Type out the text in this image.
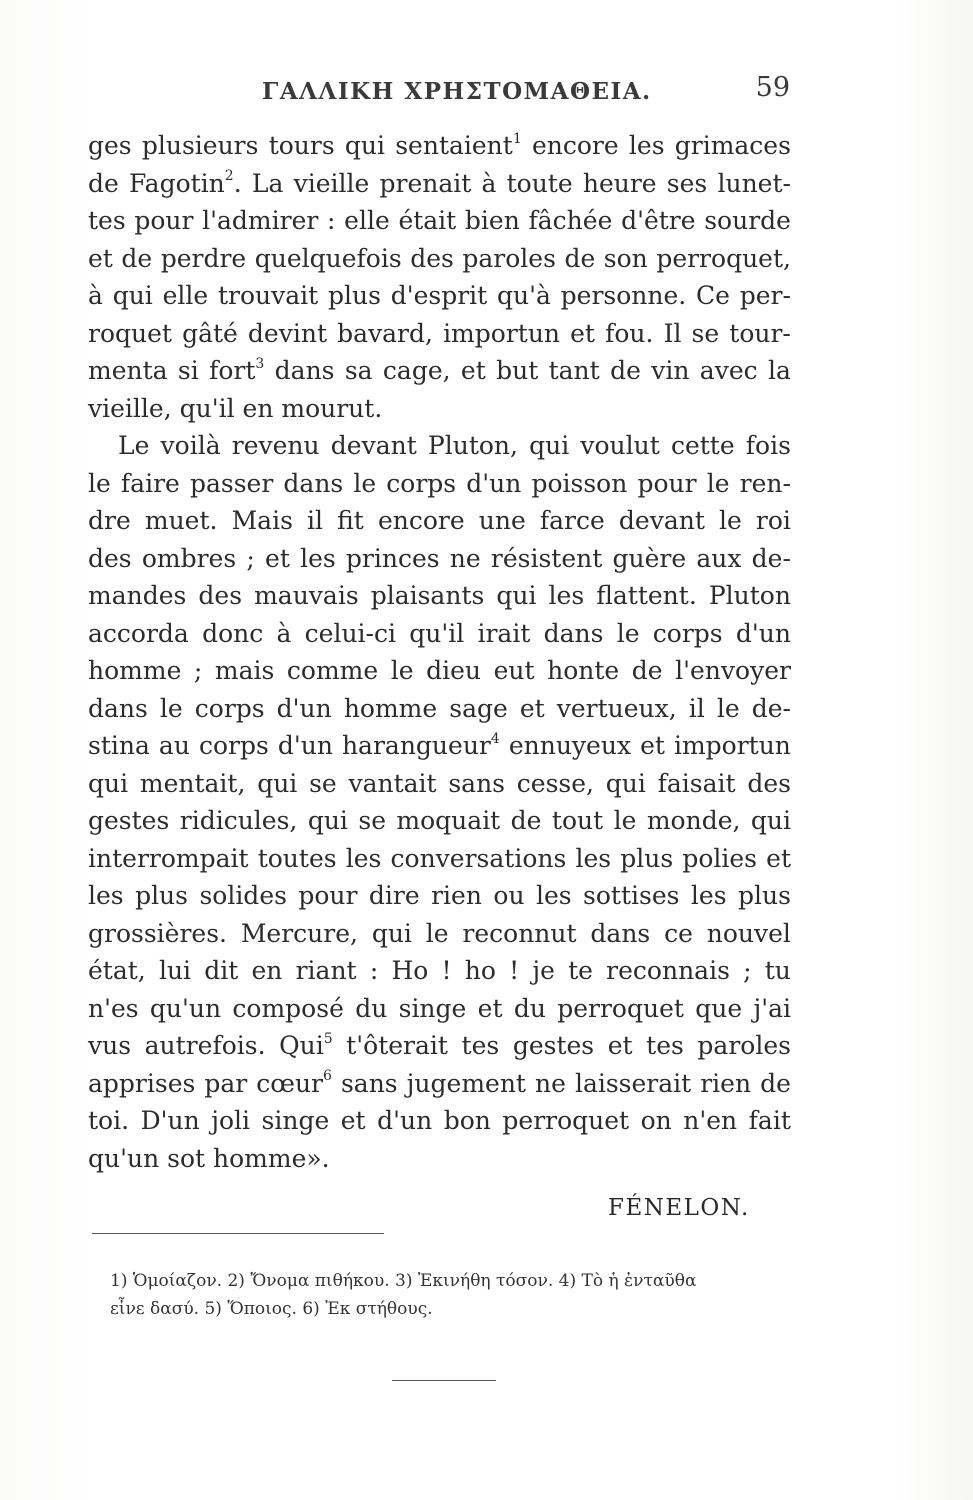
ΓΑΛΛΙΚΗ ΧΡΗΣΤΟΜΑΘΕΙΑ.	59
ges plusieurs tours qui sentaient$^1$ encore les grimaces
de Fagotin$^2$. La vieille prenait à toute heure ses lunet-
tes pour l'admirer : elle était bien fâchée d'être sourde
et de perdre quelquefois des paroles de son perroquet,
à qui elle trouvait plus d'esprit qu'à personne. Ce per-
roquet gâté devint bavard, importun et fou. Il se tour-
menta si fort$^3$ dans sa cage, et but tant de vin avec la
vieille, qu'il en mourut.
Le voilà revenu devant Pluton, qui voulut cette fois
le faire passer dans le corps d'un poisson pour le ren-
dre muet. Mais il fit encore une farce devant le roi
des ombres ; et les princes ne résistent guère aux de-
mandes des mauvais plaisants qui les flattent. Pluton
accorda donc à celui-ci qu'il irait dans le corps d'un
homme ; mais comme le dieu eut honte de l'envoyer
dans le corps d'un homme sage et vertueux, il le de-
stina au corps d'un harangueur$^4$ ennuyeux et importun
qui mentait, qui se vantait sans cesse, qui faisait des
gestes ridicules, qui se moquait de tout le monde, qui
interrompait toutes les conversations les plus polies et
les plus solides pour dire rien ou les sottises les plus
grossières. Mercure, qui le reconnut dans ce nouvel
état, lui dit en riant : Ho ! ho ! je te reconnais ; tu
n'es qu'un composé du singe et du perroquet que j'ai
vus autrefois. Qui$^5$ t'ôterait tes gestes et tes paroles
apprises par cœur$^6$ sans jugement ne laisserait rien de
toi. D'un joli singe et d'un bon perroquet on n'en fait
qu'un sot homme».
FÉNELON.
1) Ὁμοίαζον. 2) Ὄνομα πιθήκου. 3) Ἐκινήθη τόσον. 4) Τὸ ἡ ἐνταῦθα
εἶνε δασύ. 5) Ὅποιος. 6) Ἐκ στήθους.
